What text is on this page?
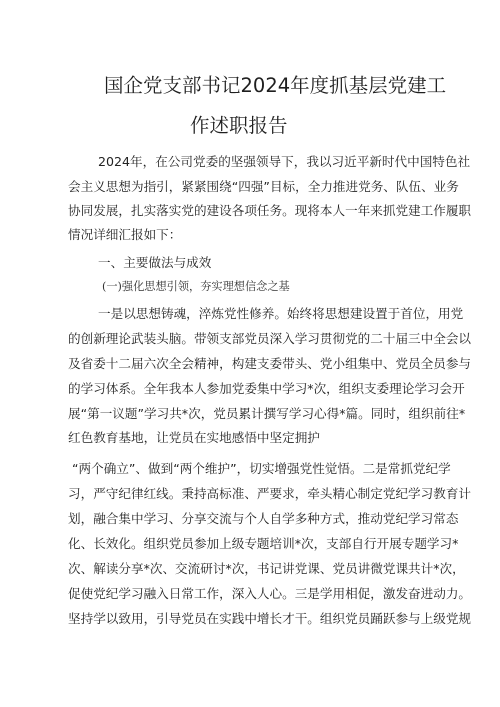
国企党支部书记2024年度抓基层党建工
作述职报告
2024年，在公司党委的坚强领导下，我以习近平新时代中国特色社
会主义思想为指引，紧紧围绕“四强”目标，全力推进党务、队伍、业务
协同发展，扎实落实党的建设各项任务。现将本人一年来抓党建工作履职
情况详细汇报如下：
一、主要做法与成效
(一)强化思想引领，夯实理想信念之基
一是以思想铸魂，淬炼党性修养。始终将思想建设置于首位，用党
的创新理论武装头脑。带领支部党员深入学习贯彻党的二十届三中全会以
及省委十二届六次全会精神，构建支委带头、党小组集中、党员全员参与
的学习体系。全年我本人参加党委集中学习*次，组织支委理论学习会开
展“第一议题”学习共*次，党员累计撰写学习心得*篇。同时，组织前往*
红色教育基地，让党员在实地感悟中坚定拥护
“两个确立”、做到“两个维护”，切实增强党性觉悟。二是常抓党纪学
习，严守纪律红线。秉持高标准、严要求，牵头精心制定党纪学习教育计
划，融合集中学习、分享交流与个人自学多种方式，推动党纪学习常态
化、长效化。组织党员参加上级专题培训*次，支部自行开展专题学习*
次、解读分享*次、交流研讨*次，书记讲党课、党员讲微党课共计*次，
促使党纪学习融入日常工作，深入人心。三是学用相促，激发奋进动力。
坚持学以致用，引导党员在实践中增长才干。组织党员踊跃参与上级党规
